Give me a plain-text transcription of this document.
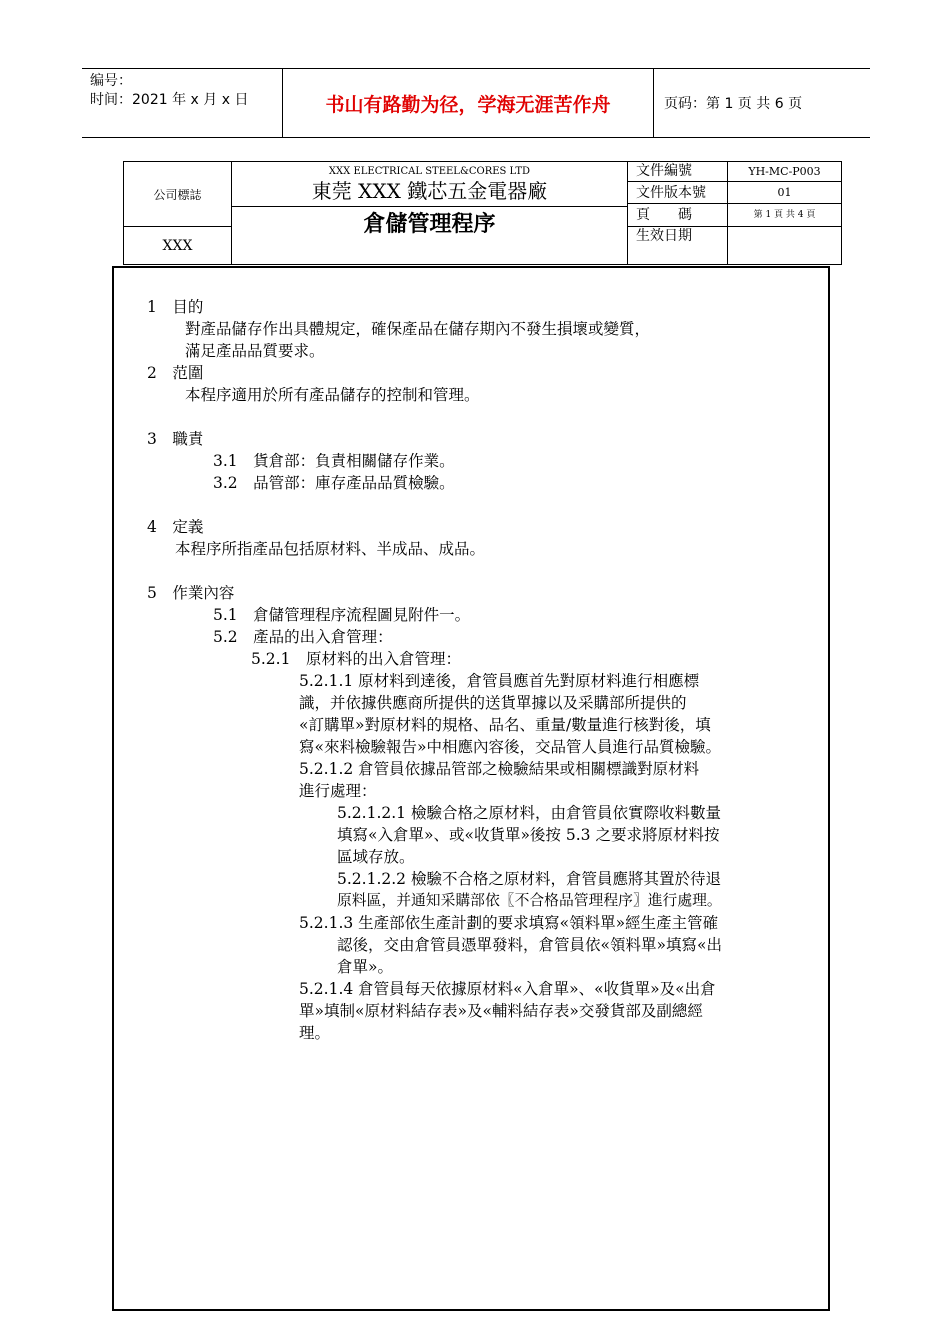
编号：
时间：2021 年 x 月 x 日	书山有路勤为径，学海无涯苦作舟	页码：第 1 页 共 6 页
公司標誌
XXX
XXX ELECTRICAL STEEL&CORES LTD
東莞 XXX 鐵芯五金電器廠
倉儲管理程序
文件編號	YH-MC-P003
文件版本號	01
頁　　碼	第 1 頁 共 4 頁
生效日期
1　目的
對產品儲存作出具體規定，確保產品在儲存期內不發生損壞或變質，
滿足產品品質要求。
2　范圍
本程序適用於所有產品儲存的控制和管理。
3　職責
3.1　貨倉部：負責相關儲存作業。
3.2　品管部：庫存產品品質檢驗。
4　定義
本程序所指產品包括原材料、半成品、成品。
5　作業內容
5.1　倉儲管理程序流程圖見附件一。
5.2　產品的出入倉管理：
5.2.1　原材料的出入倉管理：
5.2.1.1 原材料到達後，倉管員應首先對原材料進行相應標
識，并依據供應商所提供的送貨單據以及采購部所提供的
«訂購單»對原材料的規格、品名、重量/數量進行核對後，填
寫«來料檢驗報告»中相應內容後，交品管人員進行品質檢驗。
5.2.1.2 倉管員依據品管部之檢驗結果或相關標識對原材料
進行處理：
5.2.1.2.1 檢驗合格之原材料，由倉管員依實際收料數量
填寫«入倉單»、或«收貨單»後按 5.3 之要求將原材料按
區域存放。
5.2.1.2.2 檢驗不合格之原材料，倉管員應將其置於待退
原料區，并通知采購部依〖不合格品管理程序〗進行處理。
5.2.1.3 生產部依生產計劃的要求填寫«領料單»經生產主管確
認後，交由倉管員憑單發料，倉管員依«領料單»填寫«出
倉單»。
5.2.1.4 倉管員每天依據原材料«入倉單»、«收貨單»及«出倉
單»填制«原材料結存表»及«輔料結存表»交發貨部及副總經
理。
